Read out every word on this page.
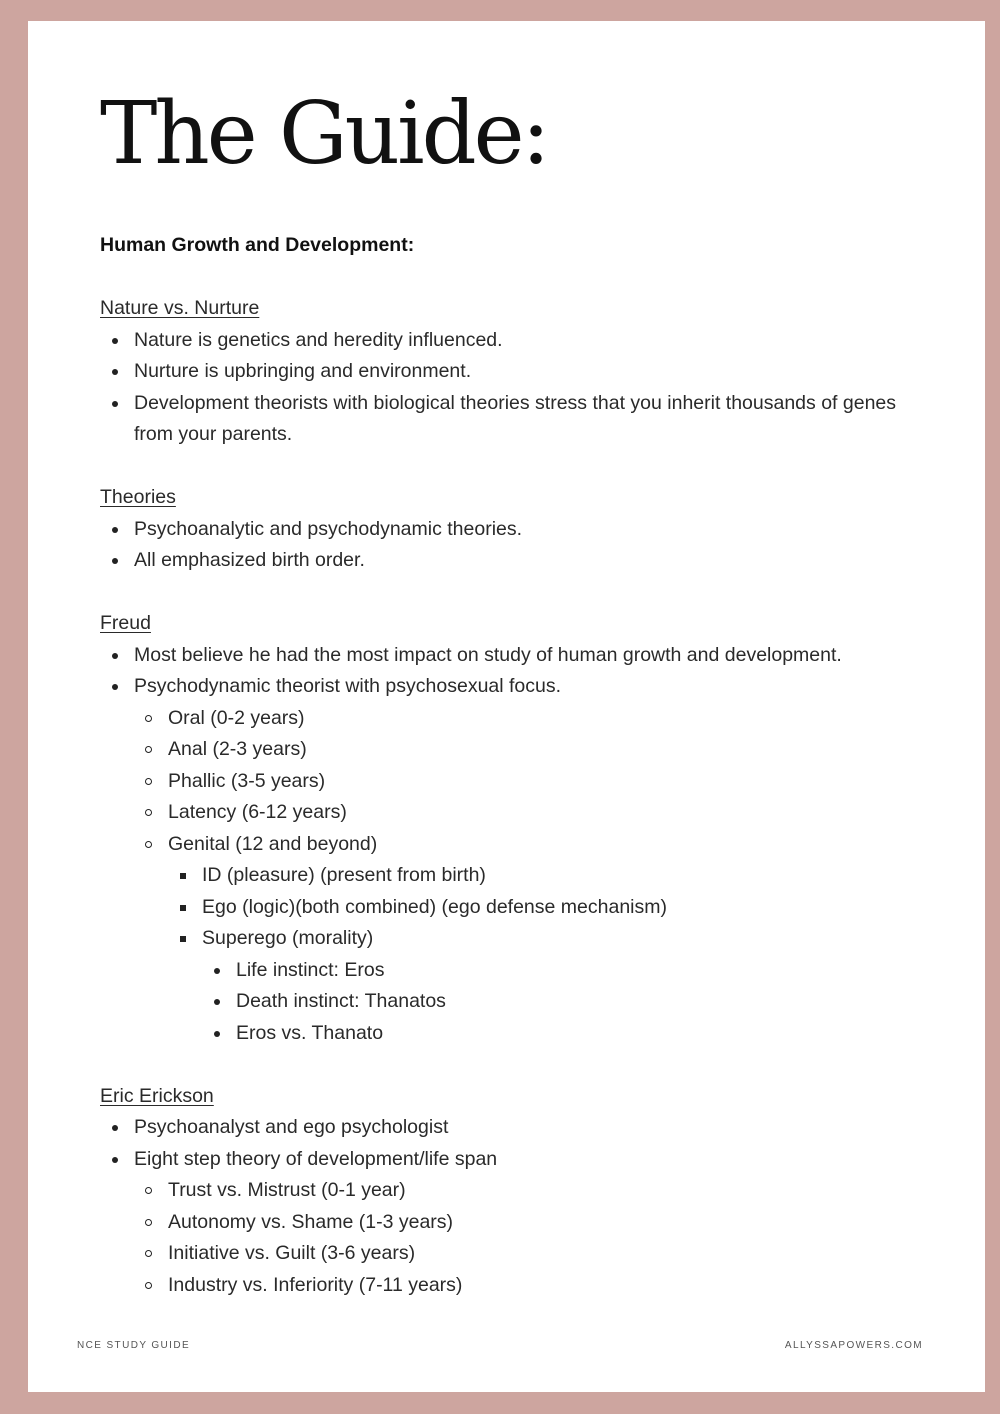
The Guide:
Human Growth and Development:
Nature vs. Nurture
Nature is genetics and heredity influenced.
Nurture is upbringing and environment.
Development theorists with biological theories stress that you inherit thousands of genes from your parents.
Theories
Psychoanalytic and psychodynamic theories.
All emphasized birth order.
Freud
Most believe he had the most impact on study of human growth and development.
Psychodynamic theorist with psychosexual focus.
Oral (0-2 years)
Anal (2-3 years)
Phallic (3-5 years)
Latency (6-12 years)
Genital (12 and beyond)
ID (pleasure) (present from birth)
Ego (logic)(both combined) (ego defense mechanism)
Superego (morality)
Life instinct: Eros
Death instinct: Thanatos
Eros vs. Thanato
Eric Erickson
Psychoanalyst and ego psychologist
Eight step theory of development/life span
Trust vs. Mistrust (0-1 year)
Autonomy vs. Shame (1-3 years)
Initiative vs. Guilt (3-6 years)
Industry vs. Inferiority (7-11 years)
NCE STUDY GUIDE	ALLYSSAPOWERS.COM
